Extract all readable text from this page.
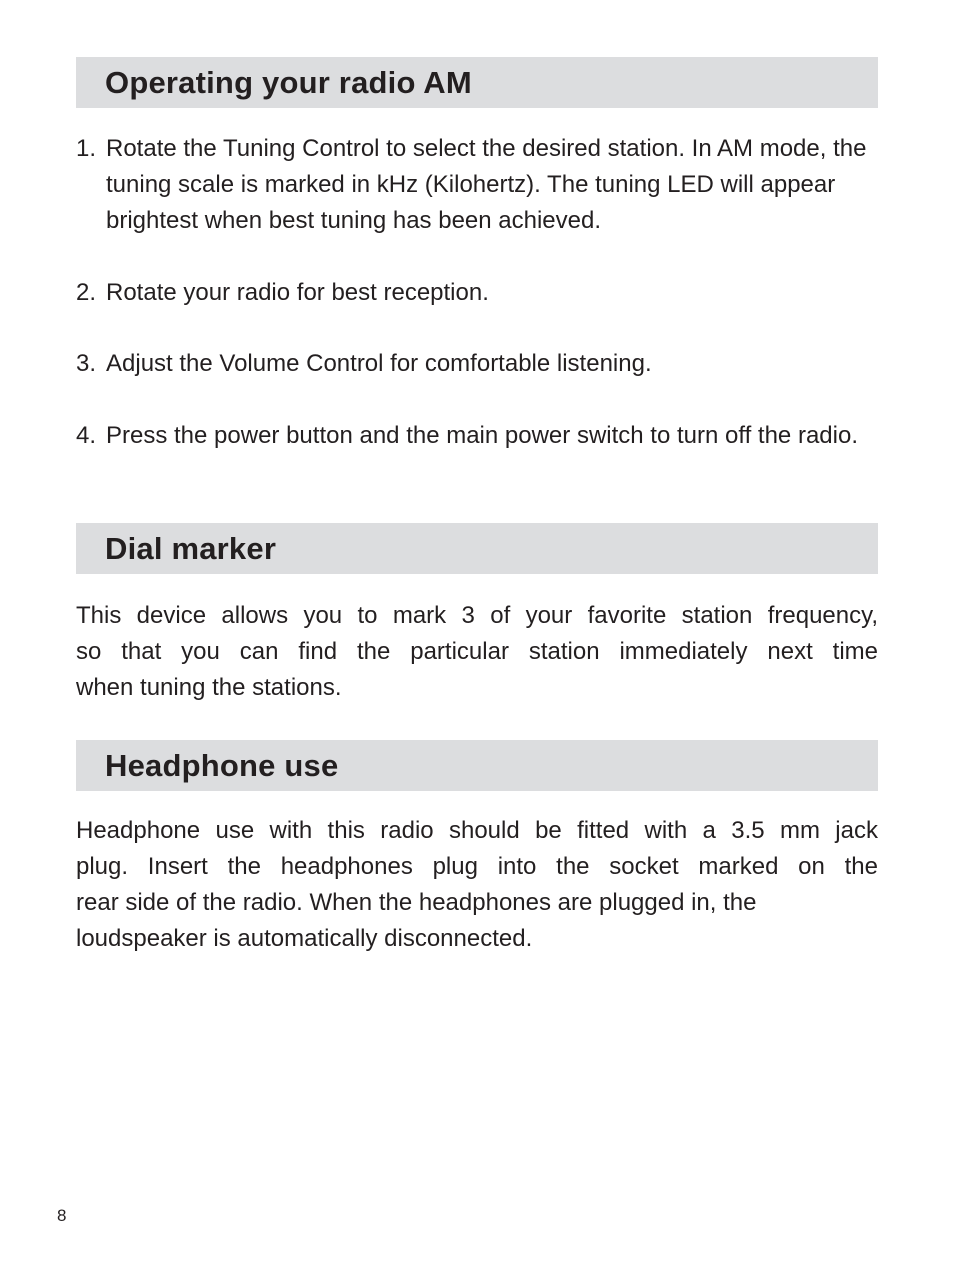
Operating your radio AM
1. Rotate the Tuning Control to select the desired station. In AM mode, the tuning scale is marked in kHz (Kilohertz). The tuning LED will appear brightest when best tuning has been achieved.
2. Rotate your radio for best reception.
3. Adjust the Volume Control for comfortable listening.
4. Press the power button and the main power switch to turn off the radio.
Dial marker
This device allows you to mark 3 of your favorite station frequency,
so that you can find the particular station immediately next time
when tuning the stations.
Headphone use
Headphone use with this radio should be fitted with a 3.5 mm jack
plug. Insert the headphones plug into the socket marked on the
rear side of the radio. When the headphones are plugged in, the
loudspeaker is automatically disconnected.
8
